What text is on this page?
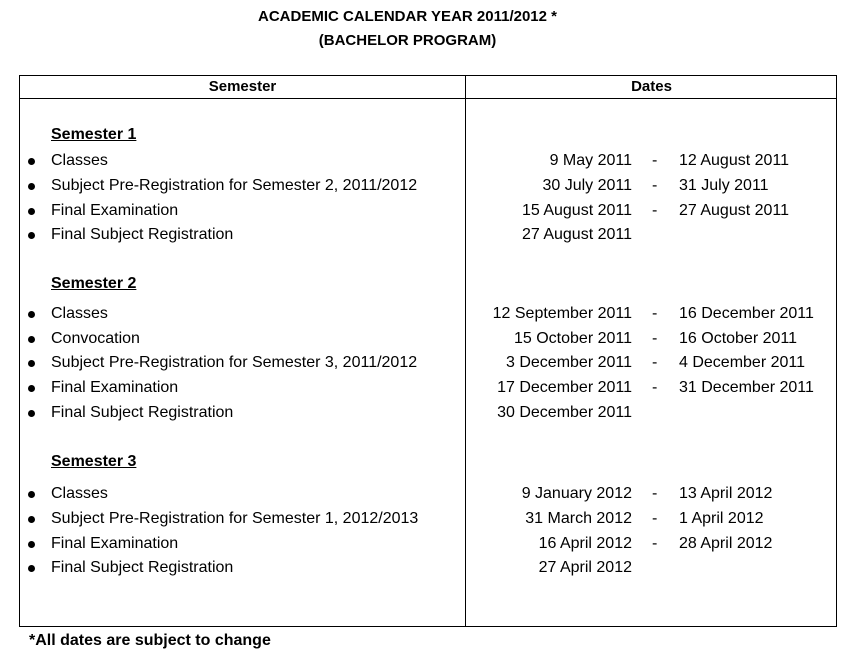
ACADEMIC CALENDAR YEAR 2011/2012 *
(BACHELOR PROGRAM)
Semester	Dates
Semester 1
Classes	9 May 2011 - 12 August 2011
Subject Pre-Registration for Semester 2, 2011/2012	30 July 2011 - 31 July 2011
Final Examination	15 August 2011 - 27 August 2011
Final Subject Registration	27 August 2011
Semester 2
Classes	12 September 2011 - 16 December 2011
Convocation	15 October 2011 - 16 October 2011
Subject Pre-Registration for Semester 3, 2011/2012	3 December 2011 - 4 December 2011
Final Examination	17 December 2011 - 31 December 2011
Final Subject Registration	30 December 2011
Semester 3
Classes	9 January 2012 - 13 April 2012
Subject Pre-Registration for Semester 1, 2012/2013	31 March 2012 - 1 April 2012
Final Examination	16 April 2012 - 28 April 2012
Final Subject Registration	27 April 2012
*All dates are subject to change
